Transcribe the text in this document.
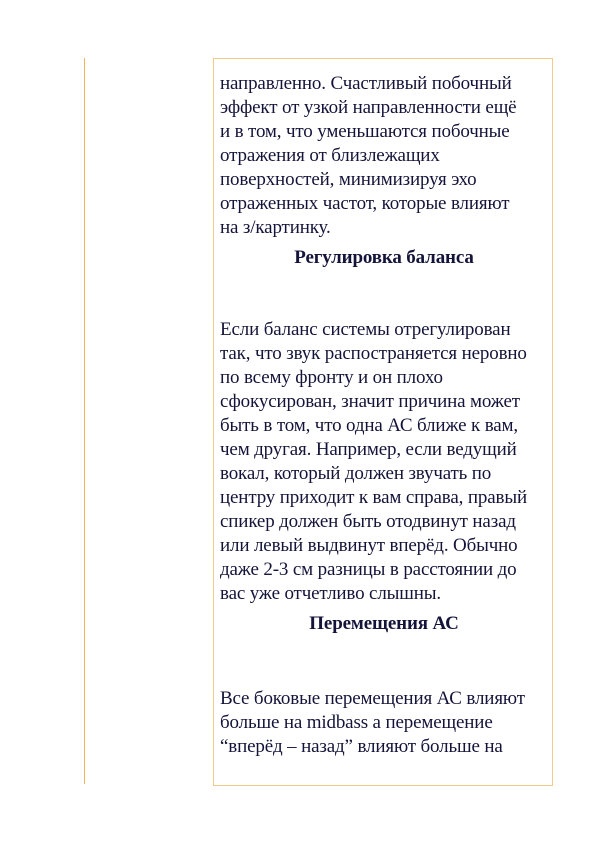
направленно. Счастливый побочный
эффект от узкой направленности ещё
и в том, что уменьшаются побочные
отражения от близлежащих
поверхностей, минимизируя эхо
отраженных частот, которые влияют
на з/картинку.

Регулировка баланса

Если баланс системы отрегулирован
так, что звук распостраняется неровно
по всему фронту и он плохо
сфокусирован, значит причина может
быть в том, что одна АС ближе к вам,
чем другая. Например, если ведущий
вокал, который должен звучать по
центру приходит к вам справа, правый
спикер должен быть отодвинут назад
или левый выдвинут вперёд. Обычно
даже 2-3 см разницы в расстоянии до
вас уже отчетливо слышны.

Перемещения АС

Все боковые перемещения АС влияют
больше на midbass а перемещение
“вперёд – назад” влияют больше на
